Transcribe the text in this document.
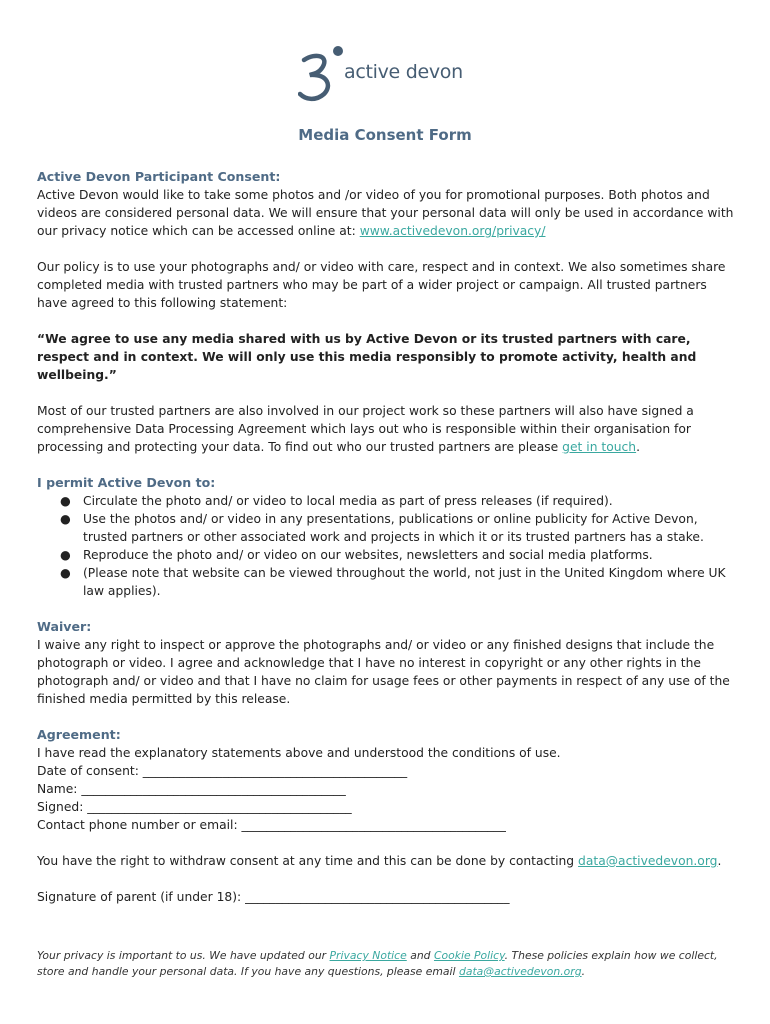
active devon
Media Consent Form
Active Devon Participant Consent:

Active Devon would like to take some photos and /or video of you for promotional purposes. Both photos and videos are considered personal data. We will ensure that your personal data will only be used in accordance with our privacy notice which can be accessed online at: www.activedevon.org/privacy/

Our policy is to use your photographs and/ or video with care, respect and in context. We also sometimes share completed media with trusted partners who may be part of a wider project or campaign. All trusted partners have agreed to this following statement:

“We agree to use any media shared with us by Active Devon or its trusted partners with care, respect and in context. We will only use this media responsibly to promote activity, health and wellbeing.”

Most of our trusted partners are also involved in our project work so these partners will also have signed a comprehensive Data Processing Agreement which lays out who is responsible within their organisation for processing and protecting your data. To find out who our trusted partners are please get in touch.

I permit Active Devon to:
● Circulate the photo and/ or video to local media as part of press releases (if required).
● Use the photos and/ or video in any presentations, publications or online publicity for Active Devon, trusted partners or other associated work and projects in which it or its trusted partners has a stake.
● Reproduce the photo and/ or video on our websites, newsletters and social media platforms.
● (Please note that website can be viewed throughout the world, not just in the United Kingdom where UK law applies).
Waiver:

I waive any right to inspect or approve the photographs and/ or video or any finished designs that include the photograph or video. I agree and acknowledge that I have no interest in copyright or any other rights in the photograph and/ or video and that I have no claim for usage fees or other payments in respect of any use of the finished media permitted by this release.

Agreement:

I have read the explanatory statements above and understood the conditions of use.

Date of consent: ___________________________________________

Name: ___________________________________________

Signed: ___________________________________________

Contact phone number or email: ___________________________________________

You have the right to withdraw consent at any time and this can be done by contacting data@activedevon.org.

Signature of parent (if under 18): ___________________________________________

Your privacy is important to us. We have updated our Privacy Notice and Cookie Policy. These policies explain how we collect, store and handle your personal data. If you have any questions, please email data@activedevon.org.
